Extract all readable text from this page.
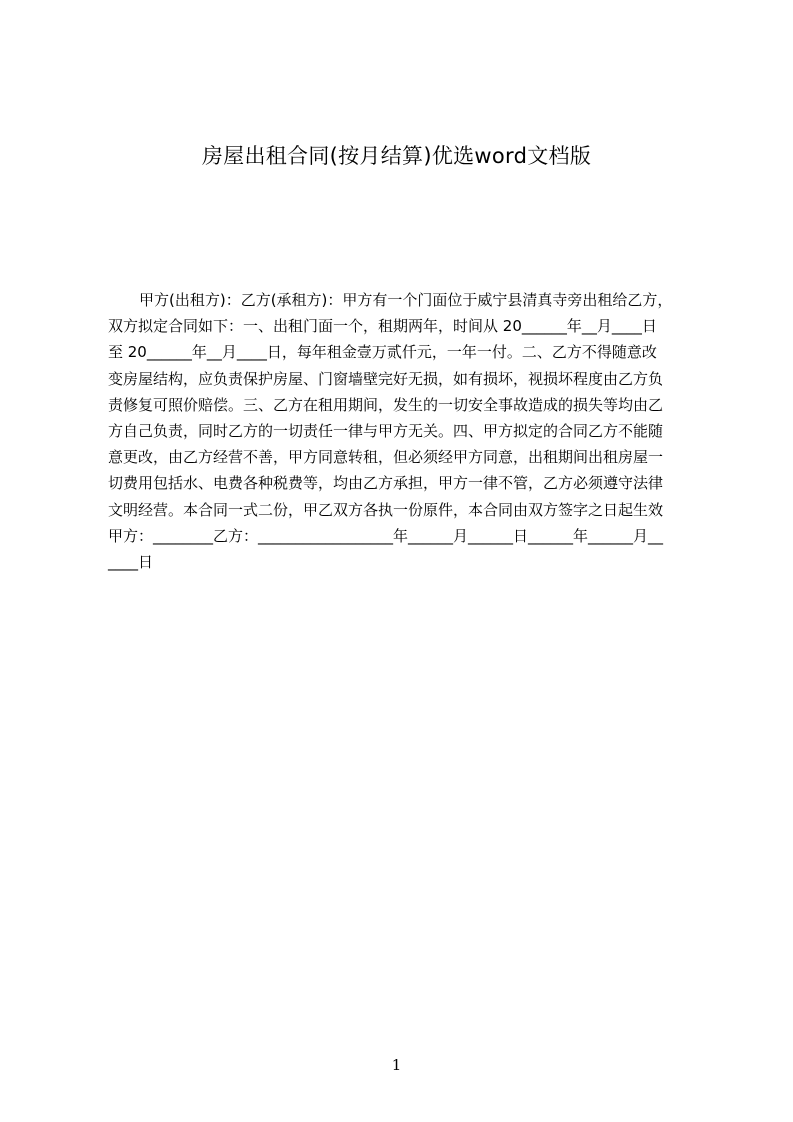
房屋出租合同(按月结算)优选word文档版
甲方(出租方)：乙方(承租方)：甲方有一个门面位于威宁县清真寺旁出租给乙方，
双方拟定合同如下：一、出租门面一个，租期两年，时间从 20______年__月____日
至 20______年__月____日，每年租金壹万贰仟元，一年一付。二、乙方不得随意改
变房屋结构，应负责保护房屋、门窗墙壁完好无损，如有损坏，视损坏程度由乙方负
责修复可照价赔偿。三、乙方在租用期间，发生的一切安全事故造成的损失等均由乙
方自己负责，同时乙方的一切责任一律与甲方无关。四、甲方拟定的合同乙方不能随
意更改，由乙方经营不善，甲方同意转租，但必须经甲方同意，出租期间出租房屋一
切费用包括水、电费各种税费等，均由乙方承担，甲方一律不管，乙方必须遵守法律
文明经营。本合同一式二份，甲乙双方各执一份原件，本合同由双方签字之日起生效
甲方：________乙方：__________________年______月______日______年______月__
____日
1
